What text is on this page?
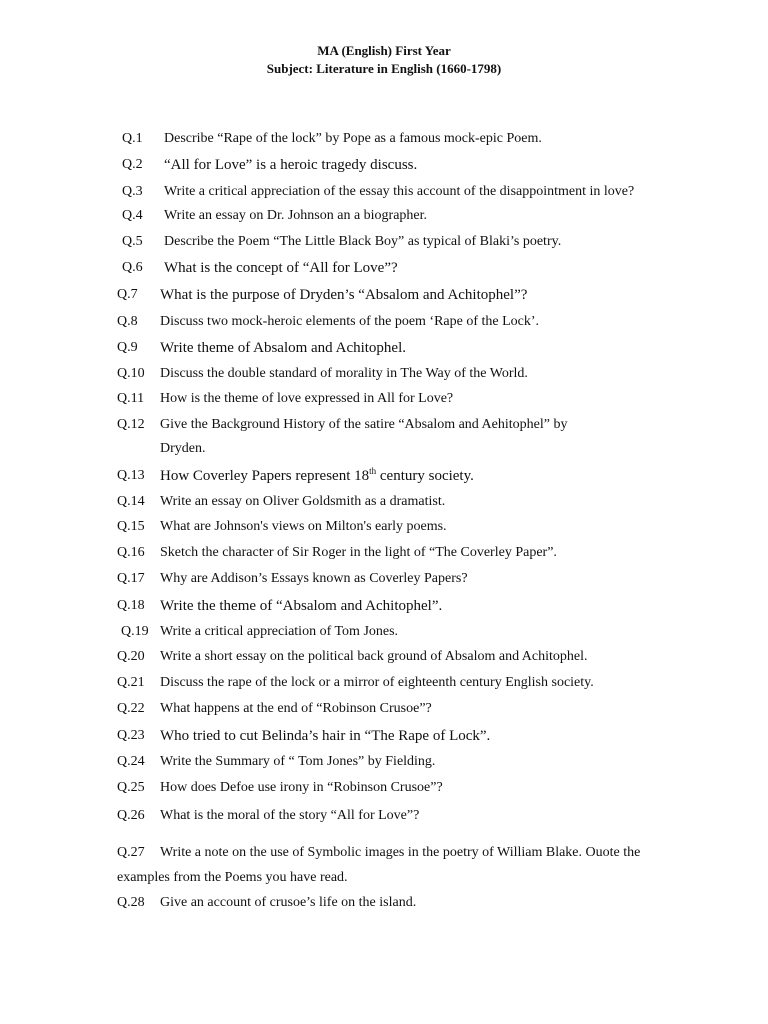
MA (English) First Year
Subject: Literature in English (1660-1798)
Q.1 Describe “Rape of the lock” by Pope as a famous mock-epic Poem.
Q.2 “All for Love” is a heroic tragedy discuss.
Q.3 Write a critical appreciation of the essay this account of the disappointment in love?
Q.4 Write an essay on Dr. Johnson an a biographer.
Q.5 Describe the Poem “The Little Black Boy” as typical of Blaki’s poetry.
Q.6 What is the concept of “All for Love”?
Q.7 What is the purpose of Dryden’s “Absalom and Achitophel”?
Q.8 Discuss two mock-heroic elements of the poem ‘Rape of the Lock’.
Q.9 Write theme of Absalom and Achitophel.
Q.10 Discuss the double standard of morality in The Way of the World.
Q.11 How is the theme of love expressed in All for Love?
Q.12 Give the Background History of the satire “Absalom and Aehitophel” by
Dryden.
Q.13 How Coverley Papers represent 18th century society.
Q.14 Write an essay on Oliver Goldsmith as a dramatist.
Q.15 What are Johnson's views on Milton's early poems.
Q.16 Sketch the character of Sir Roger in the light of “The Coverley Paper”.
Q.17 Why are Addison’s Essays known as Coverley Papers?
Q.18 Write the theme of “Absalom and Achitophel”.
Q.19 Write a critical appreciation of Tom Jones.
Q.20 Write a short essay on the political back ground of Absalom and Achitophel.
Q.21 Discuss the rape of the lock or a mirror of eighteenth century English society.
Q.22 What happens at the end of “Robinson Crusoe”?
Q.23 Who tried to cut Belinda’s hair in “The Rape of Lock”.
Q.24 Write the Summary of “ Tom Jones” by Fielding.
Q.25 How does Defoe use irony in “Robinson Crusoe”?
Q.26 What is the moral of the story “All for Love”?
Q.27 Write a note on the use of Symbolic images in the poetry of William Blake. Ouote the
examples from the Poems you have read.
Q.28 Give an account of crusoe’s life on the island.
